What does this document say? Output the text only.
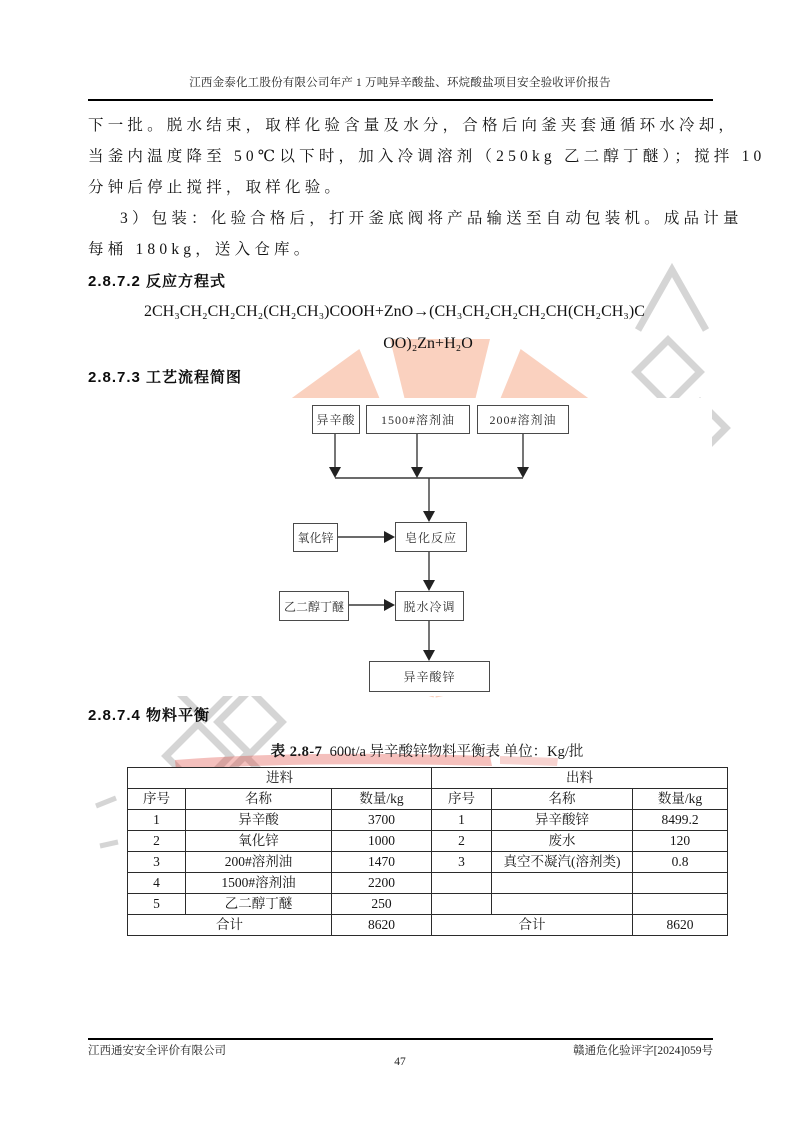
江西金泰化工股份有限公司年产 1 万吨异辛酸盐、环烷酸盐项目安全验收评价报告
下一批。脱水结束，取样化验含量及水分，合格后向釜夹套通循环水冷却，
当釜内温度降至 50℃以下时，加入冷调溶剂（250kg 乙二醇丁醚）；搅拌 10
分钟后停止搅拌，取样化验。
3）包装：化验合格后，打开釜底阀将产品输送至自动包装机。成品计量
每桶 180kg，送入仓库。
2.8.7.2 反应方程式
2CH₃CH₂CH₂CH₂(CH₂CH₃)COOH+ZnO→(CH₃CH₂CH₂CH₂CH(CH₂CH₃)C
OO)₂Zn+H₂O
2.8.7.3 工艺流程简图
异辛酸	1500#溶剂油	200#溶剂油
氧化锌	皂化反应
乙二醇丁醚	脱水冷调
异辛酸锌
2.8.7.4 物料平衡
表 2.8-7 600t/a 异辛酸锌物料平衡表 单位：Kg/批
进料			出料		
序号	名称	数量/kg	序号	名称	数量/kg
1	异辛酸	3700	1	异辛酸锌	8499.2
2	氧化锌	1000	2	废水	120
3	200#溶剂油	1470	3	真空不凝汽(溶剂类)	0.8
4	1500#溶剂油	2200			
5	乙二醇丁醚	250			
合计		8620	合计		8620
江西通安安全评价有限公司	赣通危化验评字[2024]059号
47
